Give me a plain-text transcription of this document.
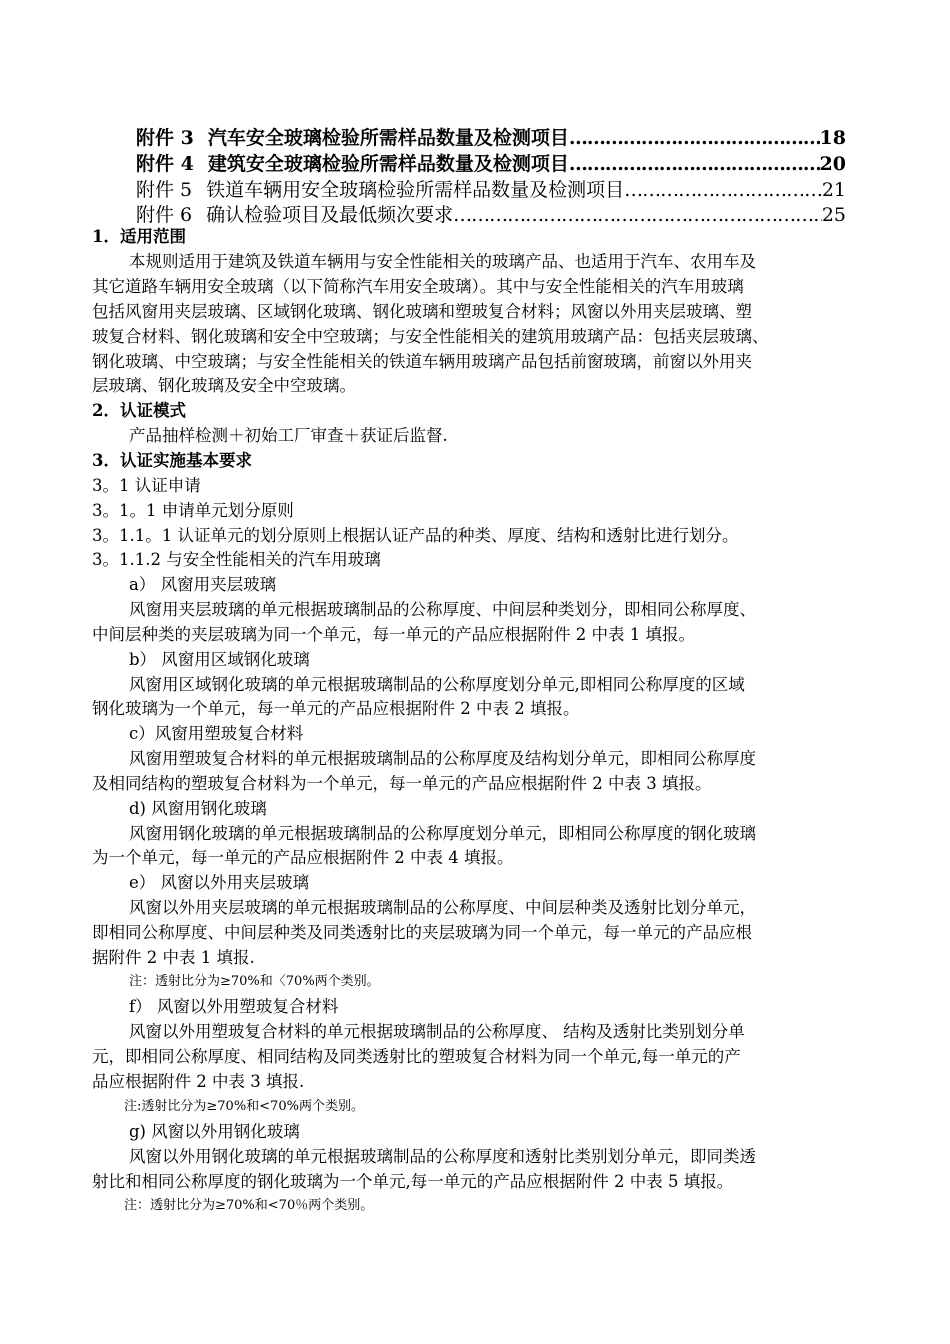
附件 3 汽车安全玻璃检验所需样品数量及检测项目 …………………………………………………………………………………………………………	18
附件 4 建筑安全玻璃检验所需样品数量及检测项目 …………………………………………………………………………………………………………	20
附件 5 铁道车辆用安全玻璃检验所需样品数量及检测项目 …………………………………………………………………………………………………………	21
附件 6 确认检验项目及最低频次要求 …………………………………………………………………………………………………………	25
1．适用范围
本规则适用于建筑及铁道车辆用与安全性能相关的玻璃产品、也适用于汽车、农用车及
其它道路车辆用安全玻璃（以下简称汽车用安全玻璃）。其中与安全性能相关的汽车用玻璃
包括风窗用夹层玻璃、区域钢化玻璃、钢化玻璃和塑玻复合材料；风窗以外用夹层玻璃、塑
玻复合材料、钢化玻璃和安全中空玻璃；与安全性能相关的建筑用玻璃产品：包括夹层玻璃、
钢化玻璃、中空玻璃；与安全性能相关的铁道车辆用玻璃产品包括前窗玻璃，前窗以外用夹
层玻璃、钢化玻璃及安全中空玻璃。
2．认证模式
产品抽样检测＋初始工厂审查＋获证后监督.
3．认证实施基本要求
3。1 认证申请
3。1。1 申请单元划分原则
3。1.1。1 认证单元的划分原则上根据认证产品的种类、厚度、结构和透射比进行划分。
3。1.1.2 与安全性能相关的汽车用玻璃
a） 风窗用夹层玻璃
风窗用夹层玻璃的单元根据玻璃制品的公称厚度、中间层种类划分，即相同公称厚度、
中间层种类的夹层玻璃为同一个单元，每一单元的产品应根据附件 2 中表 1 填报。
b） 风窗用区域钢化玻璃
风窗用区域钢化玻璃的单元根据玻璃制品的公称厚度划分单元,即相同公称厚度的区域
钢化玻璃为一个单元，每一单元的产品应根据附件 2 中表 2 填报。
c）风窗用塑玻复合材料
风窗用塑玻复合材料的单元根据玻璃制品的公称厚度及结构划分单元，即相同公称厚度
及相同结构的塑玻复合材料为一个单元，每一单元的产品应根据附件 2 中表 3 填报。
d) 风窗用钢化玻璃
风窗用钢化玻璃的单元根据玻璃制品的公称厚度划分单元，即相同公称厚度的钢化玻璃
为一个单元，每一单元的产品应根据附件 2 中表 4 填报。
e） 风窗以外用夹层玻璃
风窗以外用夹层玻璃的单元根据玻璃制品的公称厚度、中间层种类及透射比划分单元，
即相同公称厚度、中间层种类及同类透射比的夹层玻璃为同一个单元，每一单元的产品应根
据附件 2 中表 1 填报.
注：透射比分为≥70%和〈70%两个类别。
f） 风窗以外用塑玻复合材料
风窗以外用塑玻复合材料的单元根据玻璃制品的公称厚度、 结构及透射比类别划分单
元，即相同公称厚度、相同结构及同类透射比的塑玻复合材料为同一个单元,每一单元的产
品应根据附件 2 中表 3 填报.
注:透射比分为≥70%和<70%两个类别。
g) 风窗以外用钢化玻璃
风窗以外用钢化玻璃的单元根据玻璃制品的公称厚度和透射比类别划分单元，即同类透
射比和相同公称厚度的钢化玻璃为一个单元,每一单元的产品应根据附件 2 中表 5 填报。
注：透射比分为≥70%和<70％两个类别。
